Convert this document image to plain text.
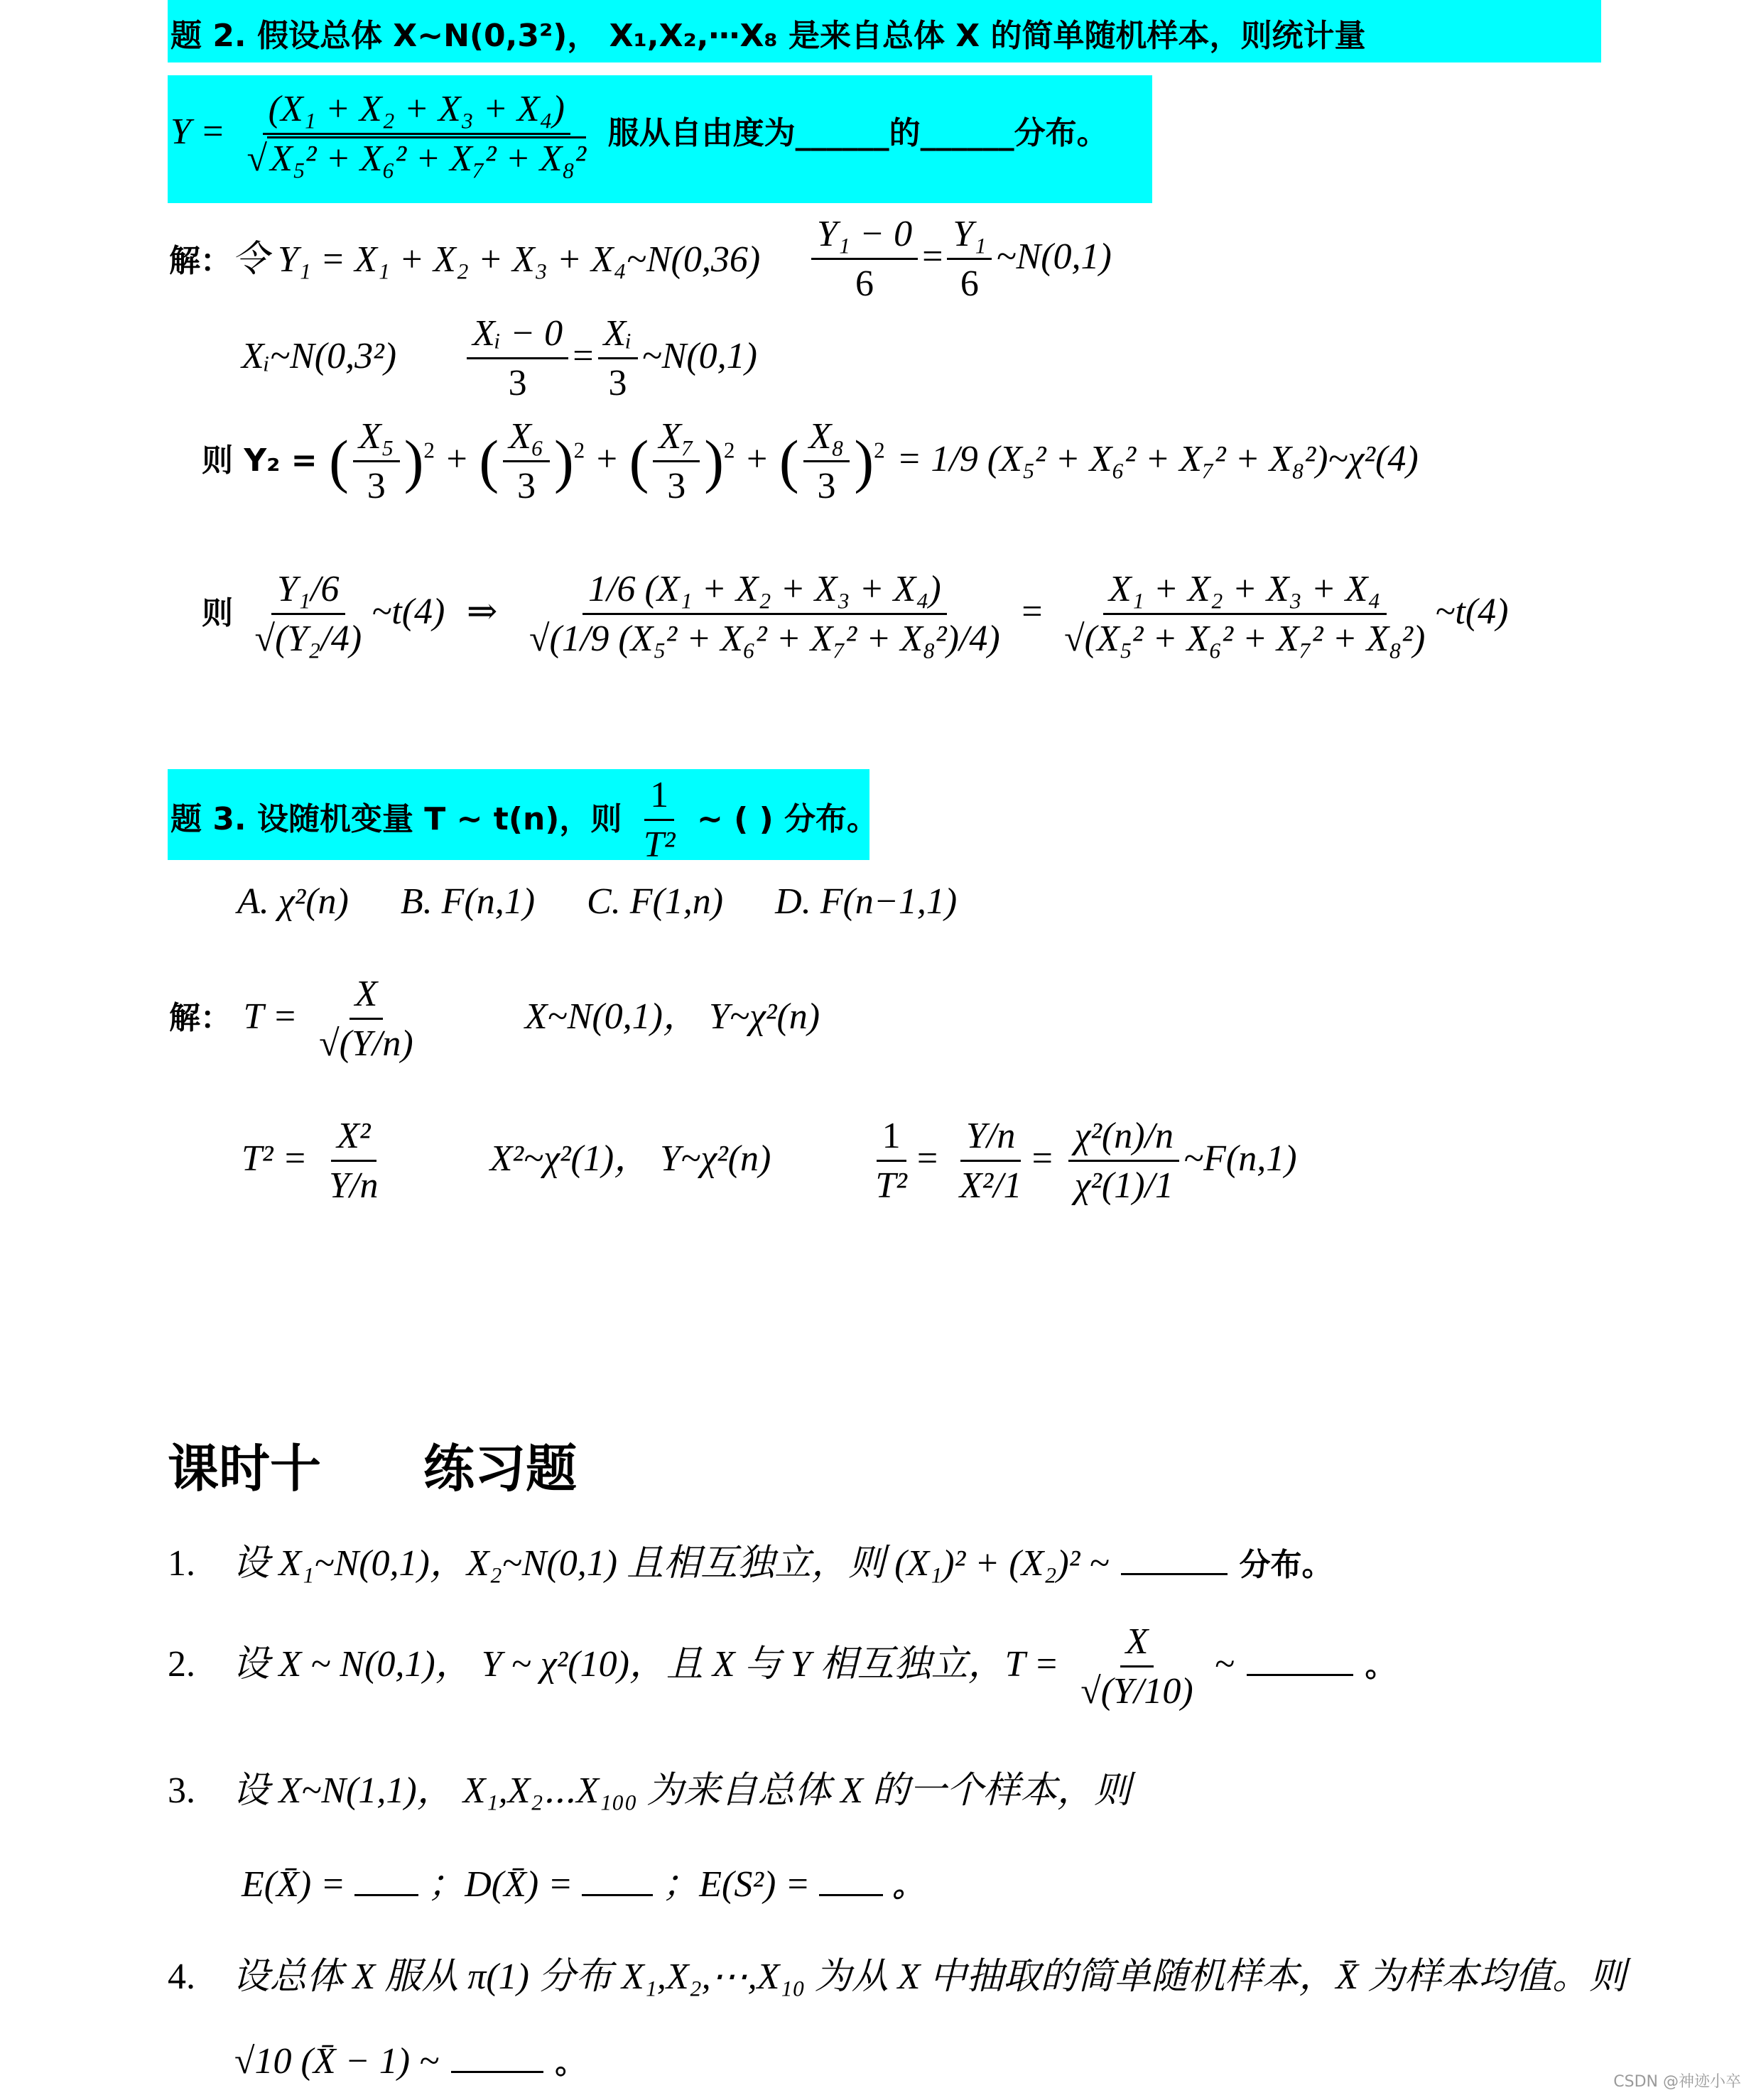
题 2. 假设总体 X~N(0,3²)， X₁,X₂,⋯X₈ 是来自总体 X 的简单随机样本，则统计量
$Y = \frac{\text{(X₁ + X₂ + X₃ + X₄)}}{\text{√X₅² + X₆² + X₇² + X₈²}}$ 服从自由度为______的______分布。
解：令 Y₁ = X₁ + X₂ + X₃ + X₄~N(0,36) $\frac{\text{Y₁ − 0}}{6} = \frac{\text{Y₁}}{6}$ ~N(0,1)
Xᵢ~N(0,3²) $\frac{\text{Xᵢ − 0}}{3} = \frac{\text{Xᵢ}}{3}$ ~N(0,1)
则 Y₂ = ( $\frac{\text{X₅}}{3} )^2$ + ( $\frac{\text{X₆}}{3} )^2$ + ( $\frac{\text{X₇}}{3} )^2$ + ( $\frac{\text{X₈}}{3} )^2 = 1/9$ (X₅² + X₆² + X₇² + X₈²)~χ²(4)
则 $\frac{\text{Y₁/6}}{\text{√(Y₂/4)}}$ ~t(4) ⇒ $\frac{\text{1/6 (X₁ + X₂ + X₃ + X₄)}}{\text{√(1/9 (X₅² + X₆² + X₇² + X₈²)/4)}} = \frac{\text{X₁ + X₂ + X₃ + X₄}}{\text{√(X₅² + X₆² + X₇² + X₈²)}}$ ~t(4)
题 3. 设随机变量 T ~ t(n)，则 $\frac{1}{\text{T²}}$ ~ ( ) 分布。
A. χ²(n) B. F(n,1) C. F(1,n) D. F(n−1,1)
解： $T = \frac{X}{√(Y/n)}$	X~N(0,1)， Y~χ²(n)
$T^2 = \frac{\text{X²}}{Y/n}$	X²~χ²(1)， Y~χ²(n)	$\frac{1}{\text{T²}} = \frac{Y/n}{\text{X²/1}} = \frac{\text{χ²(n)/n}}{\text{χ²(1)/1}}$ ~F(n,1)
课时十　　练习题
1. 设 X₁~N(0,1)，X₂~N(0,1) 且相互独立，则 (X₁)² + (X₂)² ~	分布。
2. 设 X ~ N(0,1)， Y ~ χ²(10)，且 X 与 Y 相互独立，$T = \frac{X}{√(Y/10)}$ ~	。
3. 设 X~N(1,1)， X₁,X₂⋯X₁₀₀ 为来自总体 X 的一个样本，则
E(X̄) = ；D(X̄) = ；E(S²) =	。
4. 设总体 X 服从 π(1) 分布 X₁,X₂,⋯,X₁₀ 为从 X 中抽取的简单随机样本，X̄ 为样本均值。则
√10 (X̄ − 1) ~	。
CSDN @神迹小卒
